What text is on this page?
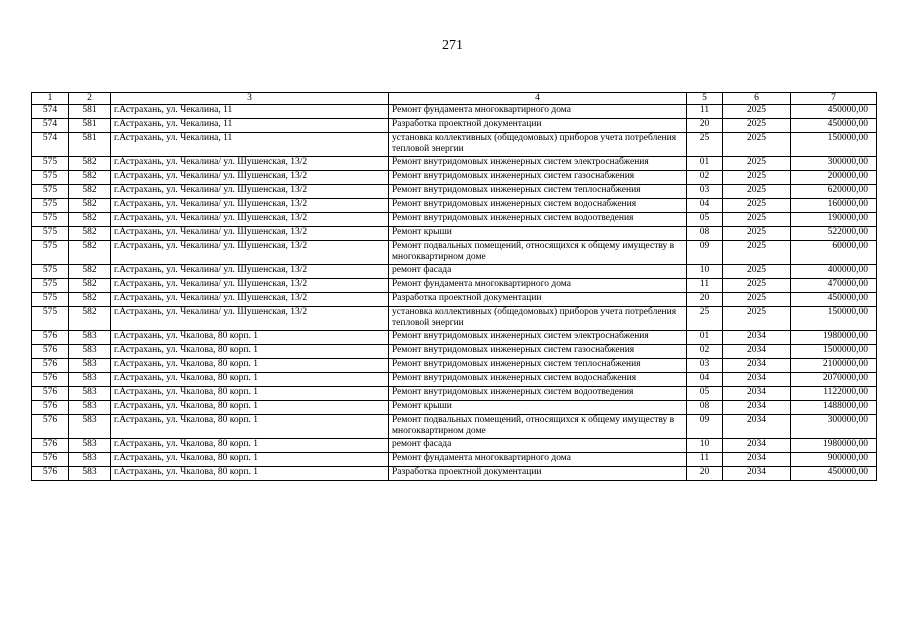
271
1	2	3	4	5	6	7
574	581	г.Астрахань, ул. Чекалина, 11	Ремонт фундамента многоквартирного дома	11	2025	450000,00
574	581	г.Астрахань, ул. Чекалина, 11	Разработка проектной документации	20	2025	450000,00
574	581	г.Астрахань, ул. Чекалина, 11	установка коллективных (общедомовых) приборов учета потребления тепловой энергии	25	2025	150000,00
575	582	г.Астрахань, ул. Чекалина/ ул. Шушенская, 13/2	Ремонт внутридомовых инженерных систем электроснабжения	01	2025	300000,00
575	582	г.Астрахань, ул. Чекалина/ ул. Шушенская, 13/2	Ремонт внутридомовых инженерных систем газоснабжения	02	2025	200000,00
575	582	г.Астрахань, ул. Чекалина/ ул. Шушенская, 13/2	Ремонт внутридомовых инженерных систем теплоснабжения	03	2025	620000,00
575	582	г.Астрахань, ул. Чекалина/ ул. Шушенская, 13/2	Ремонт внутридомовых инженерных систем водоснабжения	04	2025	160000,00
575	582	г.Астрахань, ул. Чекалина/ ул. Шушенская, 13/2	Ремонт внутридомовых инженерных систем водоотведения	05	2025	190000,00
575	582	г.Астрахань, ул. Чекалина/ ул. Шушенская, 13/2	Ремонт крыши	08	2025	522000,00
575	582	г.Астрахань, ул. Чекалина/ ул. Шушенская, 13/2	Ремонт подвальных помещений, относящихся к общему имуществу в многоквартирном доме	09	2025	60000,00
575	582	г.Астрахань, ул. Чекалина/ ул. Шушенская, 13/2	ремонт фасада	10	2025	400000,00
575	582	г.Астрахань, ул. Чекалина/ ул. Шушенская, 13/2	Ремонт фундамента многоквартирного дома	11	2025	470000,00
575	582	г.Астрахань, ул. Чекалина/ ул. Шушенская, 13/2	Разработка проектной документации	20	2025	450000,00
575	582	г.Астрахань, ул. Чекалина/ ул. Шушенская, 13/2	установка коллективных (общедомовых) приборов учета потребления тепловой энергии	25	2025	150000,00
576	583	г.Астрахань, ул. Чкалова, 80 корп. 1	Ремонт внутридомовых инженерных систем электроснабжения	01	2034	1980000,00
576	583	г.Астрахань, ул. Чкалова, 80 корп. 1	Ремонт внутридомовых инженерных систем газоснабжения	02	2034	1500000,00
576	583	г.Астрахань, ул. Чкалова, 80 корп. 1	Ремонт внутридомовых инженерных систем теплоснабжения	03	2034	2100000,00
576	583	г.Астрахань, ул. Чкалова, 80 корп. 1	Ремонт внутридомовых инженерных систем водоснабжения	04	2034	2070000,00
576	583	г.Астрахань, ул. Чкалова, 80 корп. 1	Ремонт внутридомовых инженерных систем водоотведения	05	2034	1122000,00
576	583	г.Астрахань, ул. Чкалова, 80 корп. 1	Ремонт крыши	08	2034	1488000,00
576	583	г.Астрахань, ул. Чкалова, 80 корп. 1	Ремонт подвальных помещений, относящихся к общему имуществу в многоквартирном доме	09	2034	300000,00
576	583	г.Астрахань, ул. Чкалова, 80 корп. 1	ремонт фасада	10	2034	1980000,00
576	583	г.Астрахань, ул. Чкалова, 80 корп. 1	Ремонт фундамента многоквартирного дома	11	2034	900000,00
576	583	г.Астрахань, ул. Чкалова, 80 корп. 1	Разработка проектной документации	20	2034	450000,00
